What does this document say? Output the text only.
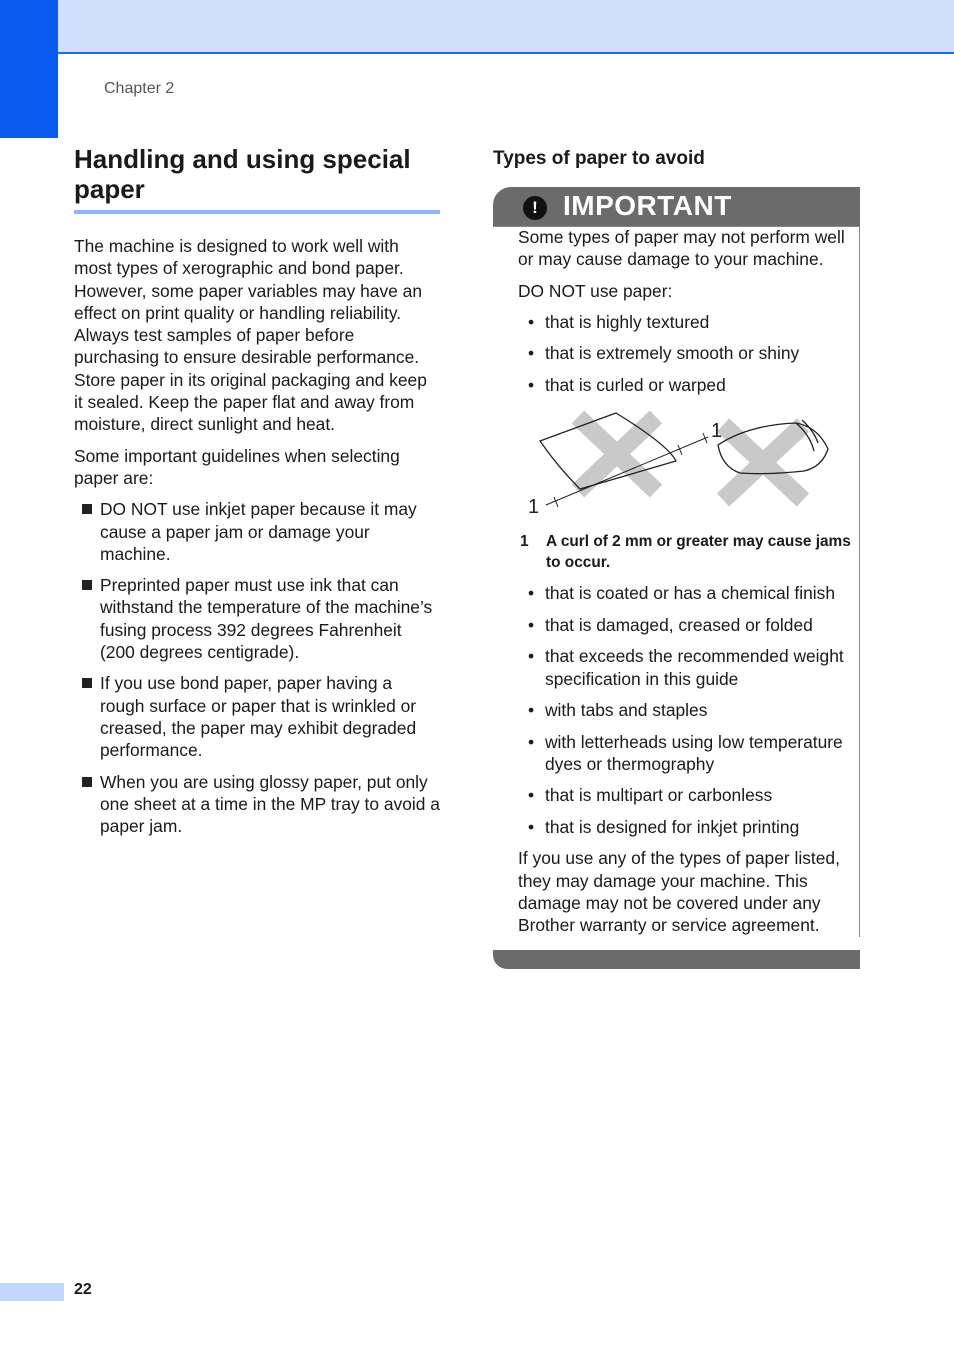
Chapter 2
Handling and using special paper

The machine is designed to work well with most types of xerographic and bond paper. However, some paper variables may have an effect on print quality or handling reliability. Always test samples of paper before purchasing to ensure desirable performance. Store paper in its original packaging and keep it sealed. Keep the paper flat and away from moisture, direct sunlight and heat.

Some important guidelines when selecting paper are:

DO NOT use inkjet paper because it may cause a paper jam or damage your machine.
Preprinted paper must use ink that can withstand the temperature of the machine’s fusing process 392 degrees Fahrenheit (200 degrees centigrade).
If you use bond paper, paper having a rough surface or paper that is wrinkled or creased, the paper may exhibit degraded performance.
When you are using glossy paper, put only one sheet at a time in the MP tray to avoid a paper jam.
Types of paper to avoid
! IMPORTANT

Some types of paper may not perform well or may cause damage to your machine.

DO NOT use paper:

• that is highly textured
• that is extremely smooth or shiny
• that is curled or warped
1
1
1 A curl of 2 mm or greater may cause jams to occur.
• that is coated or has a chemical finish
• that is damaged, creased or folded
• that exceeds the recommended weight specification in this guide
• with tabs and staples
• with letterheads using low temperature dyes or thermography
• that is multipart or carbonless
• that is designed for inkjet printing

If you use any of the types of paper listed, they may damage your machine. This damage may not be covered under any Brother warranty or service agreement.

22
